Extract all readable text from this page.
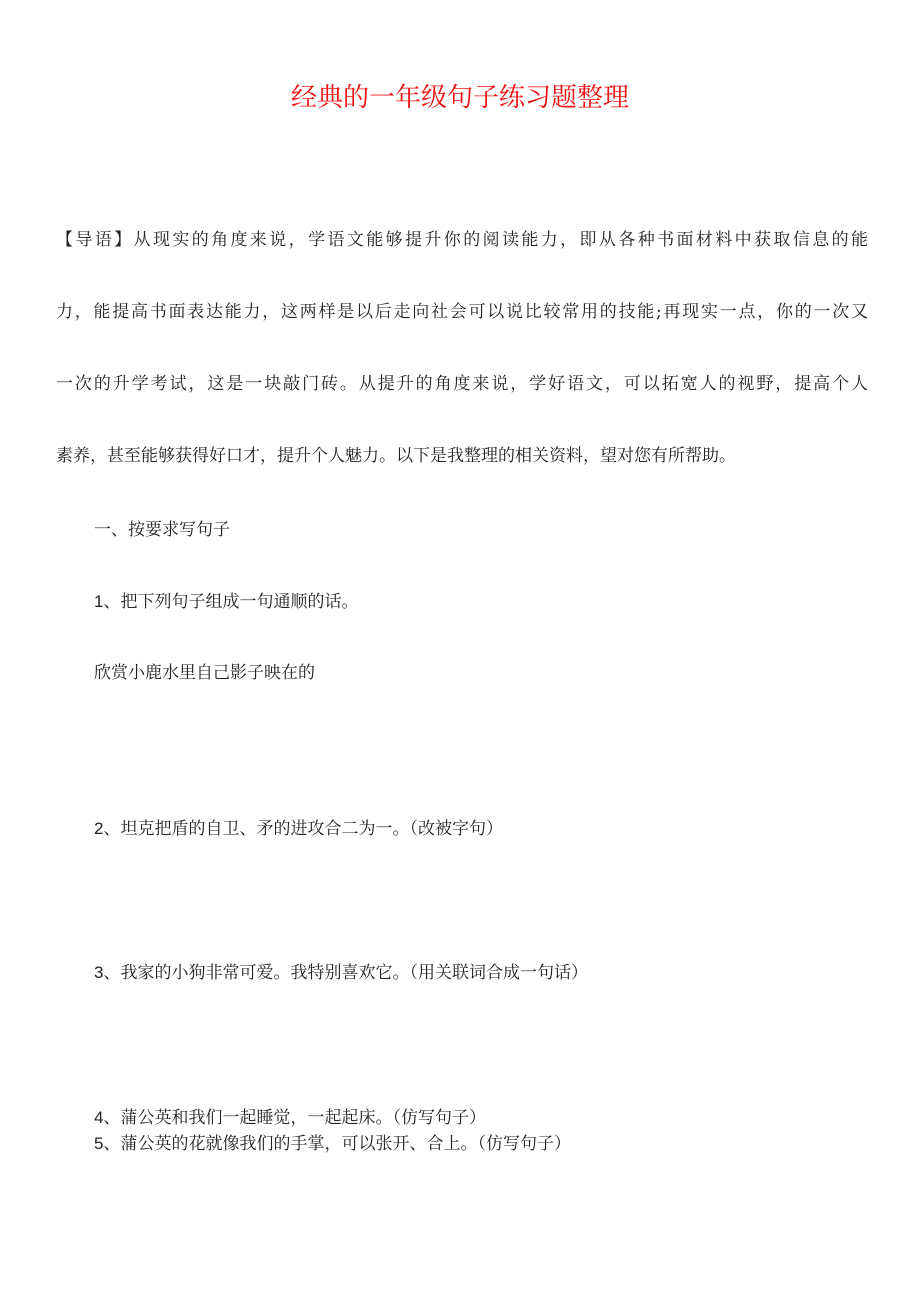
经典的一年级句子练习题整理
【导语】从现实的角度来说，学语文能够提升你的阅读能力，即从各种书面材料中获取信息的能
力，能提高书面表达能力，这两样是以后走向社会可以说比较常用的技能;再现实一点，你的一次又
一次的升学考试，这是一块敲门砖。从提升的角度来说，学好语文，可以拓宽人的视野，提高个人
素养，甚至能够获得好口才，提升个人魅力。以下是我整理的相关资料，望对您有所帮助。
一、按要求写句子
1、把下列句子组成一句通顺的话。
欣赏小鹿水里自己影子映在的
2、坦克把盾的自卫、矛的进攻合二为一。（改被字句）
3、我家的小狗非常可爱。我特别喜欢它。（用关联词合成一句话）
4、蒲公英和我们一起睡觉，一起起床。（仿写句子）
5、蒲公英的花就像我们的手掌，可以张开、合上。（仿写句子）
